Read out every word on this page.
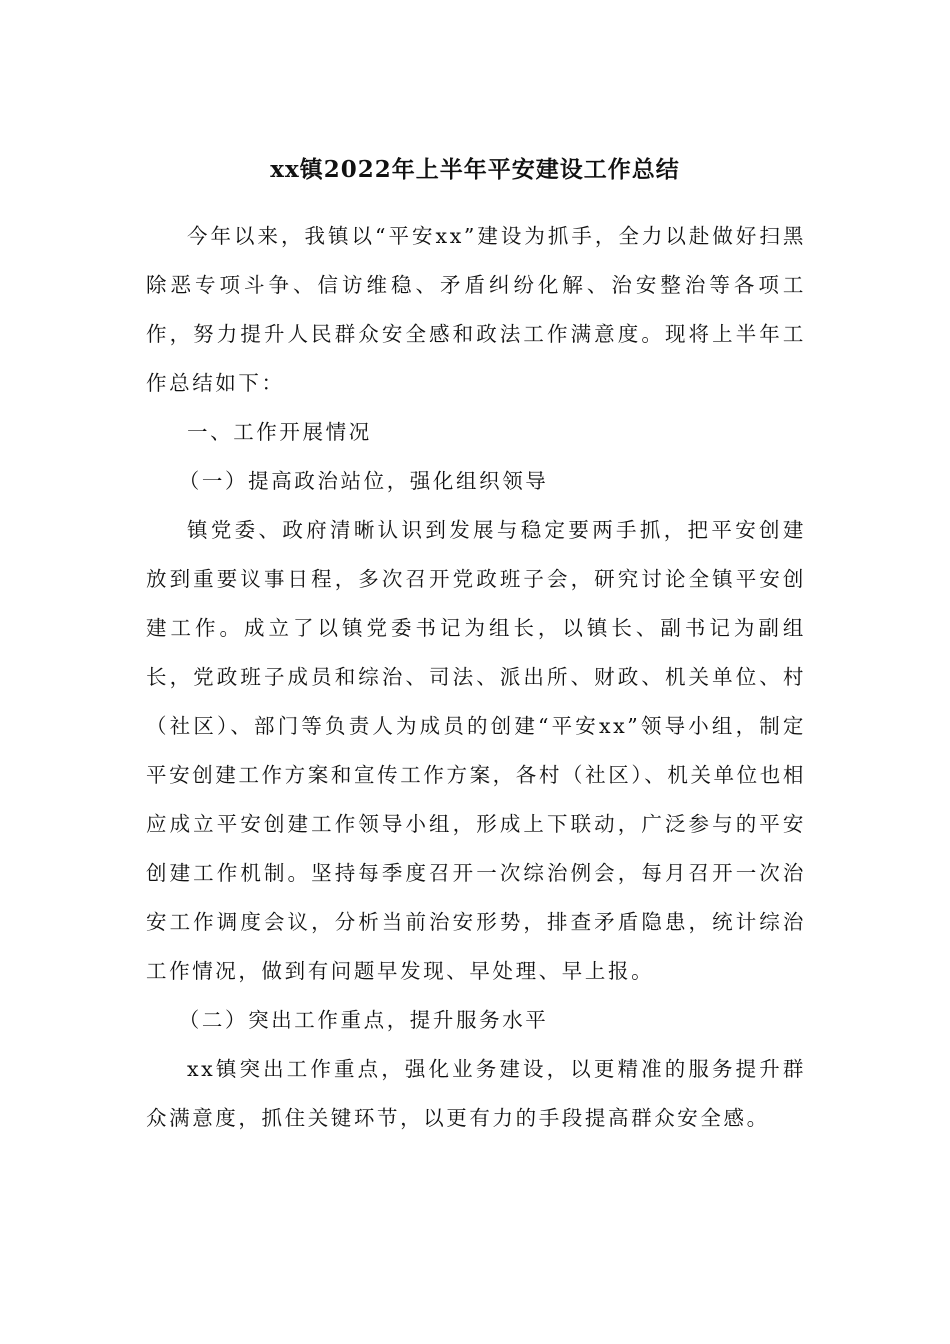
xx镇2022年上半年平安建设工作总结

今年以来，我镇以“平安xx”建设为抓手，全力以赴做好扫黑除恶专项斗争、信访维稳、矛盾纠纷化解、治安整治等各项工作，努力提升人民群众安全感和政法工作满意度。现将上半年工作总结如下：

一、工作开展情况

（一）提高政治站位，强化组织领导

镇党委、政府清晰认识到发展与稳定要两手抓，把平安创建放到重要议事日程，多次召开党政班子会，研究讨论全镇平安创建工作。成立了以镇党委书记为组长，以镇长、副书记为副组长，党政班子成员和综治、司法、派出所、财政、机关单位、村（社区）、部门等负责人为成员的创建“平安xx”领导小组，制定平安创建工作方案和宣传工作方案，各村（社区）、机关单位也相应成立平安创建工作领导小组，形成上下联动，广泛参与的平安创建工作机制。坚持每季度召开一次综治例会，每月召开一次治安工作调度会议，分析当前治安形势，排查矛盾隐患，统计综治工作情况，做到有问题早发现、早处理、早上报。

（二）突出工作重点，提升服务水平

xx镇突出工作重点，强化业务建设，以更精准的服务提升群众满意度，抓住关键环节，以更有力的手段提高群众安全感。
